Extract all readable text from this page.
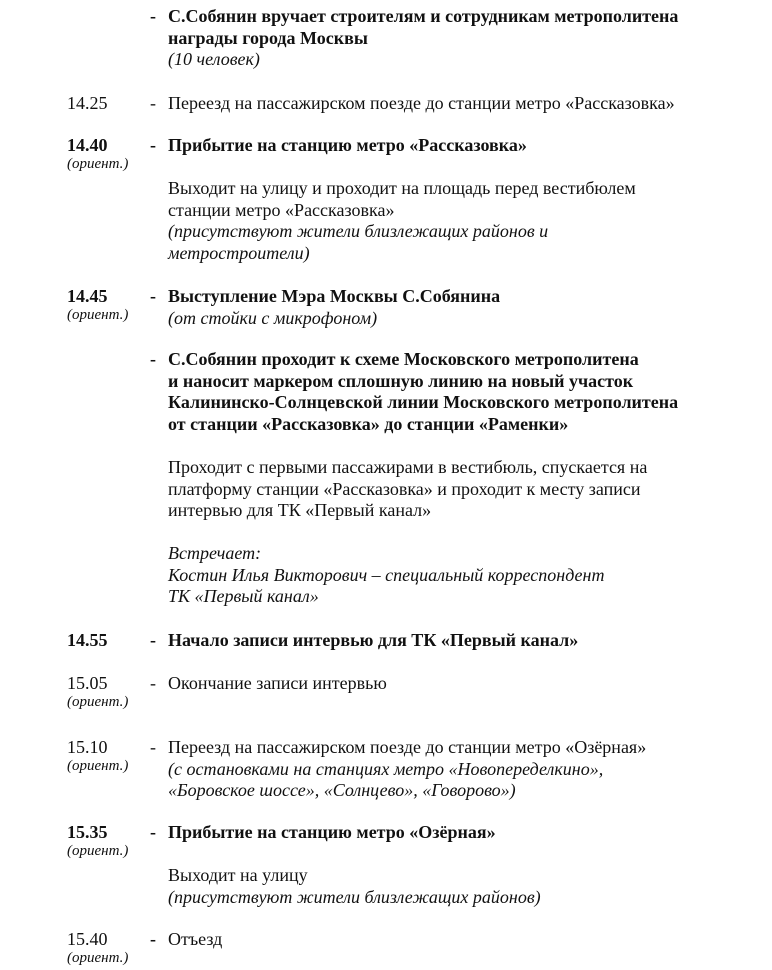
- С.Собянин вручает строителям и сотрудникам метрополитена
награды города Москвы
(10 человек)
14.25 - Переезд на пассажирском поезде до станции метро «Рассказовка»
14.40
(ориент.)
- Прибытие на станцию метро «Рассказовка»
Выходит на улицу и проходит на площадь перед вестибюлем
станции метро «Рассказовка»
(присутствуют жители близлежащих районов и
метростроители)
14.45
(ориент.)
- Выступление Мэра Москвы С.Собянина
(от стойки с микрофоном)
- С.Собянин проходит к схеме Московского метрополитена
и наносит маркером сплошную линию на новый участок
Калининско-Солнцевской линии Московского метрополитена
от станции «Рассказовка» до станции «Раменки»
Проходит с первыми пассажирами в вестибюль, спускается на
платформу станции «Рассказовка» и проходит к месту записи
интервью для ТК «Первый канал»
Встречает:
Костин Илья Викторович – специальный корреспондент
ТК «Первый канал»
14.55 - Начало записи интервью для ТК «Первый канал»
15.05
(ориент.)
- Окончание записи интервью
15.10
(ориент.)
- Переезд на пассажирском поезде до станции метро «Озёрная»
(с остановками на станциях метро «Новопеределкино»,
«Боровское шоссе», «Солнцево», «Говорово»)
15.35
(ориент.)
- Прибытие на станцию метро «Озёрная»
Выходит на улицу
(присутствуют жители близлежащих районов)
15.40
(ориент.)
- Отъезд
